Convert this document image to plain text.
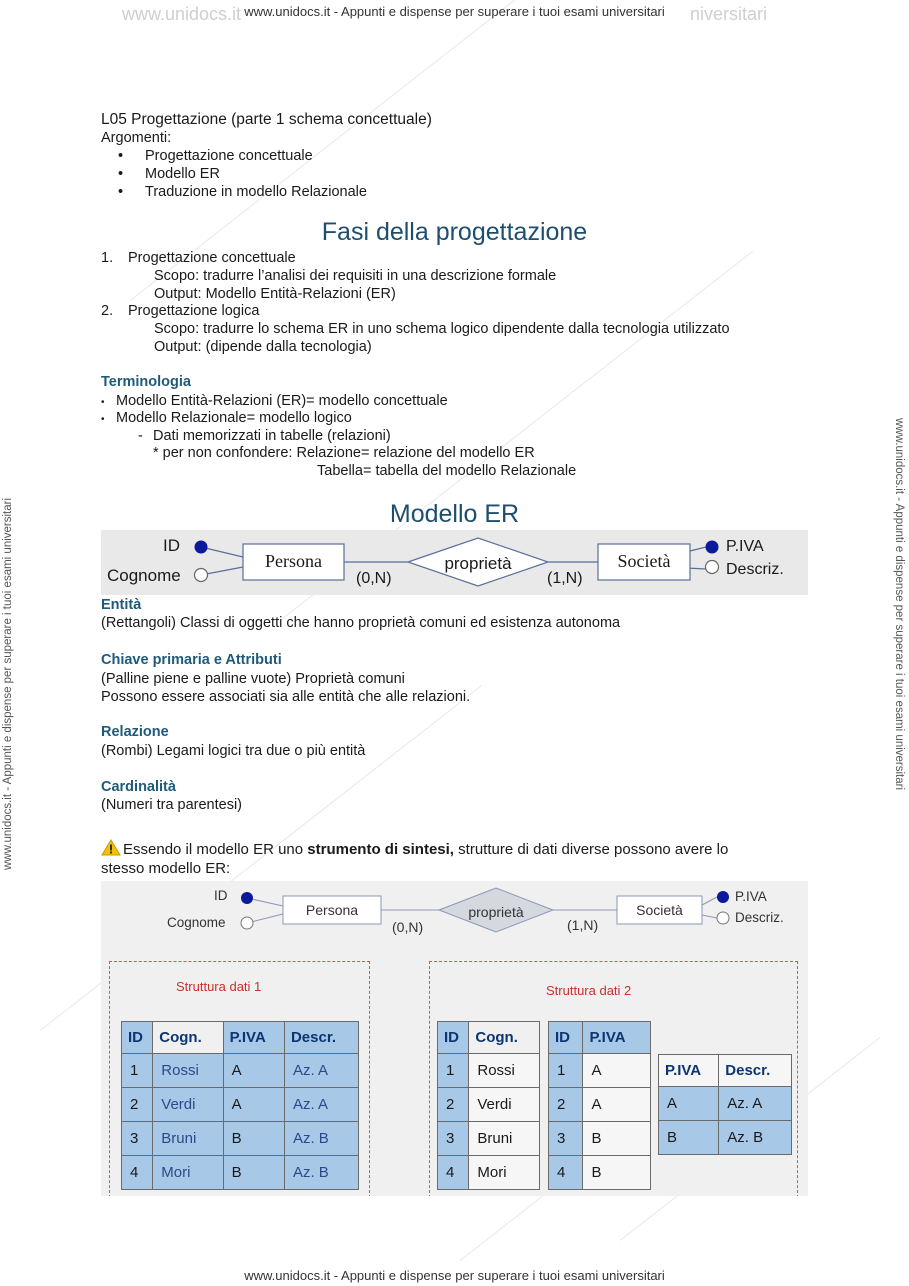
www.unidocs.it www.unidocs.it - Appunti e dispense per superare i tuoi esami universitari niversitari
www.unidocs.it - Appunti e dispense per superare i tuoi esami universitari	www.unidocs.it - Appunti e dispense per superare i tuoi esami universitari
L05 Progettazione (parte 1 schema concettuale)
Argomenti:
• Progettazione concettuale
• Modello ER
• Traduzione in modello Relazionale
Fasi della progettazione
1. Progettazione concettuale
Scopo: tradurre l’analisi dei requisiti in una descrizione formale
Output: Modello Entità-Relazioni (ER)
2. Progettazione logica
Scopo: tradurre lo schema ER in uno schema logico dipendente dalla tecnologia utilizzato
Output: (dipende dalla tecnologia)
Terminologia
• Modello Entità-Relazioni (ER)= modello concettuale
• Modello Relazionale= modello logico
- Dati memorizzati in tabelle (relazioni)
* per non confondere: Relazione= relazione del modello ER
Tabella= tabella del modello Relazionale
Modello ER
ID
Cognome
Persona	proprietà	Società
P.IVA
Descriz.
(0,N)	(1,N)
Entità
(Rettangoli) Classi di oggetti che hanno proprietà comuni ed esistenza autonoma
Chiave primaria e Attributi
(Palline piene e palline vuote) Proprietà comuni
Possono essere associati sia alle entità che alle relazioni.
Relazione
(Rombi) Legami logici tra due o più entità
Cardinalità
(Numeri tra parentesi)
Essendo il modello ER uno strumento di sintesi, strutture di dati diverse possono avere lo
stesso modello ER:
ID
Cognome
Persona	proprietà	Società
P.IVA
Descriz.
(0,N)	(1,N)
Struttura dati 1	Struttura dati 2
ID	Cogn.	P.IVA	Descr.
1	Rossi	A	Az. A
2	Verdi	A	Az. A
3	Bruni	B	Az. B
4	Mori	B	Az. B
ID	Cogn.
1	Rossi
2	Verdi
3	Bruni
4	Mori
ID	P.IVA
1	A
2	A
3	B
4	B
P.IVA	Descr.
A	Az. A
B	Az. B
www.unidocs.it - Appunti e dispense per superare i tuoi esami universitari
